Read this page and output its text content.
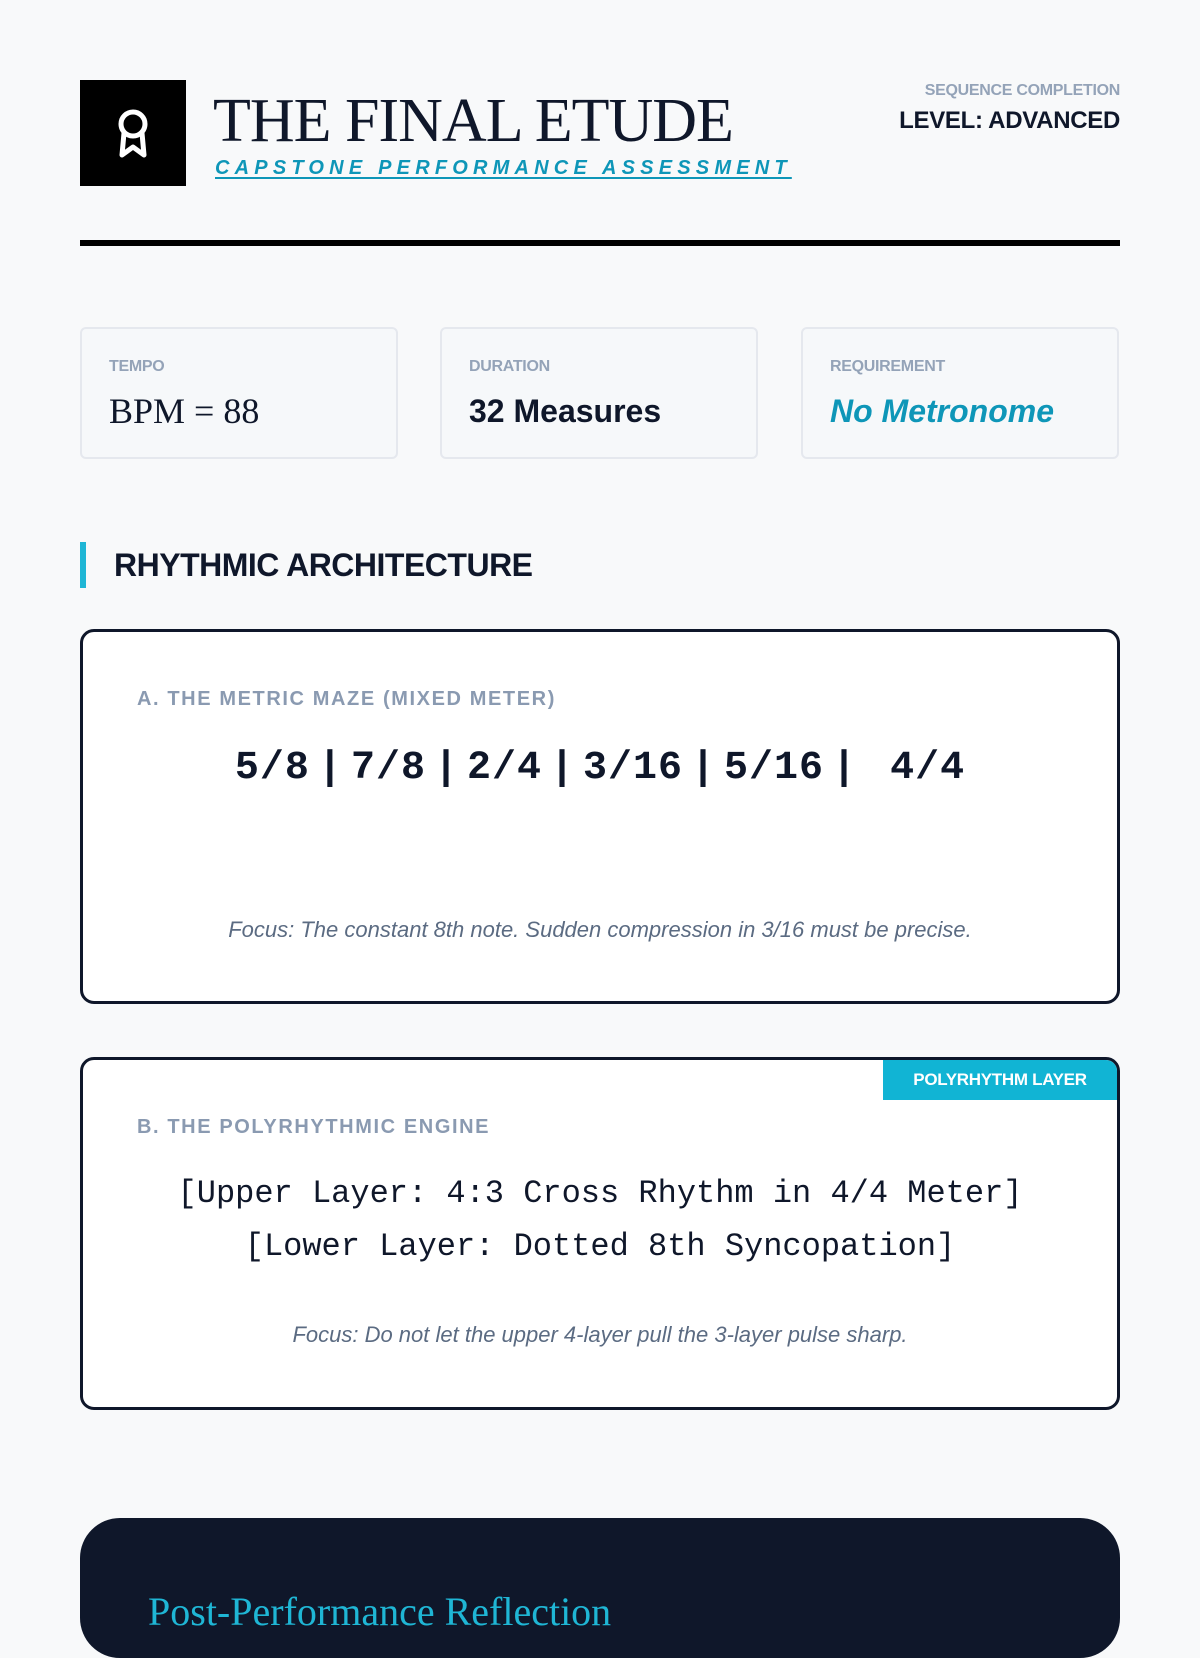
THE FINAL ETUDE
CAPSTONE PERFORMANCE ASSESSMENT
SEQUENCE COMPLETION
LEVEL: ADVANCED
TEMPO
BPM = 88
DURATION
32 Measures
REQUIREMENT
No Metronome
RHYTHMIC ARCHITECTURE
A. THE METRIC MAZE (MIXED METER)
5/8 | 7/8 | 2/4 | 3/16 | 5/16 | 4/4
Focus: The constant 8th note. Sudden compression in 3/16 must be precise.
POLYRHYTHM LAYER
B. THE POLYRHYTHMIC ENGINE
[Upper Layer: 4:3 Cross Rhythm in 4/4 Meter]
[Lower Layer: Dotted 8th Syncopation]
Focus: Do not let the upper 4-layer pull the 3-layer pulse sharp.
Post-Performance Reflection
